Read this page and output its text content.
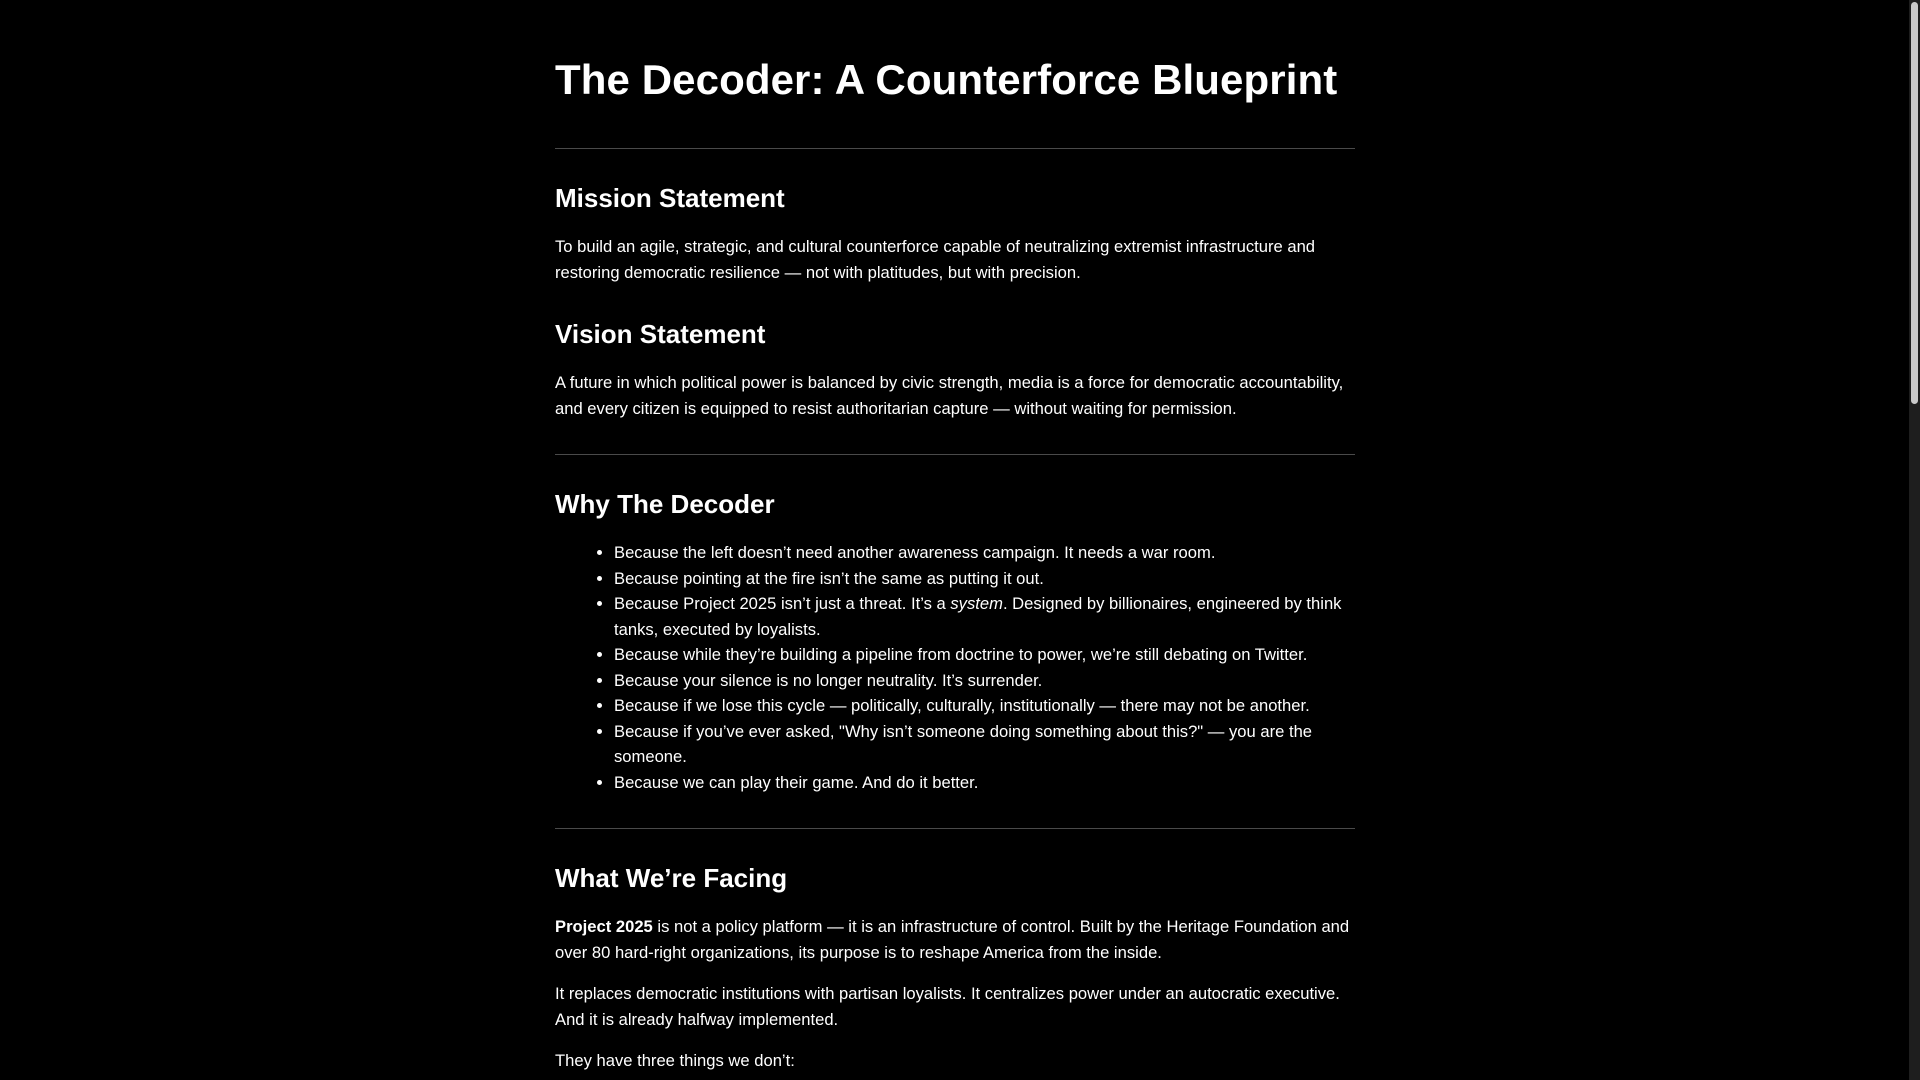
The Decoder: A Counterforce Blueprint
Mission Statement

To build an agile, strategic, and cultural counterforce capable of neutralizing extremist infrastructure and restoring democratic resilience — not with platitudes, but with precision.

Vision Statement

A future in which political power is balanced by civic strength, media is a force for democratic accountability, and every citizen is equipped to resist authoritarian capture — without waiting for permission.

Why The Decoder
• Because the left doesn’t need another awareness campaign. It needs a war room.
• Because pointing at the fire isn’t the same as putting it out.
• Because Project 2025 isn’t just a threat. It’s a system. Designed by billionaires, engineered by think tanks, executed by loyalists.
• Because while they’re building a pipeline from doctrine to power, we’re still debating on Twitter.
• Because your silence is no longer neutrality. It’s surrender.
• Because if we lose this cycle — politically, culturally, institutionally — there may not be another.
• Because if you’ve ever asked, "Why isn’t someone doing something about this?" — you are the someone.
• Because we can play their game. And do it better.
What We’re Facing

Project 2025 is not a policy platform — it is an infrastructure of control. Built by the Heritage Foundation and over 80 hard-right organizations, its purpose is to reshape America from the inside.

It replaces democratic institutions with partisan loyalists. It centralizes power under an autocratic executive. And it is already halfway implemented.

They have three things we don’t:
